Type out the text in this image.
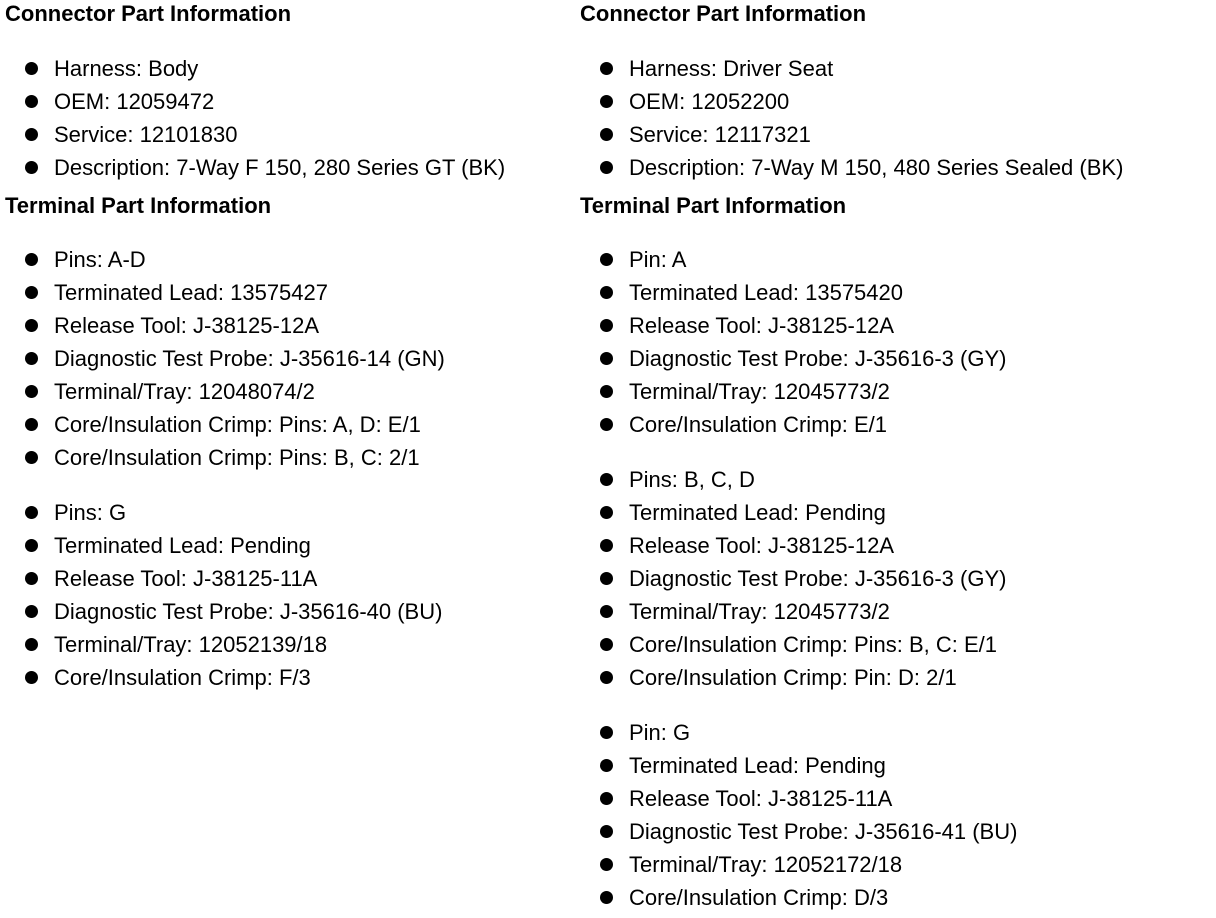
Connector Part Information
Harness: Body
OEM: 12059472
Service: 12101830
Description: 7-Way F 150, 280 Series GT (BK)
Terminal Part Information
Pins: A-D
Terminated Lead: 13575427
Release Tool: J-38125-12A
Diagnostic Test Probe: J-35616-14 (GN)
Terminal/Tray: 12048074/2
Core/Insulation Crimp: Pins: A, D: E/1
Core/Insulation Crimp: Pins: B, C: 2/1
Pins: G
Terminated Lead: Pending
Release Tool: J-38125-11A
Diagnostic Test Probe: J-35616-40 (BU)
Terminal/Tray: 12052139/18
Core/Insulation Crimp: F/3
Connector Part Information
Harness: Driver Seat
OEM: 12052200
Service: 12117321
Description: 7-Way M 150, 480 Series Sealed (BK)
Terminal Part Information
Pin: A
Terminated Lead: 13575420
Release Tool: J-38125-12A
Diagnostic Test Probe: J-35616-3 (GY)
Terminal/Tray: 12045773/2
Core/Insulation Crimp: E/1
Pins: B, C, D
Terminated Lead: Pending
Release Tool: J-38125-12A
Diagnostic Test Probe: J-35616-3 (GY)
Terminal/Tray: 12045773/2
Core/Insulation Crimp: Pins: B, C: E/1
Core/Insulation Crimp: Pin: D: 2/1
Pin: G
Terminated Lead: Pending
Release Tool: J-38125-11A
Diagnostic Test Probe: J-35616-41 (BU)
Terminal/Tray: 12052172/18
Core/Insulation Crimp: D/3
